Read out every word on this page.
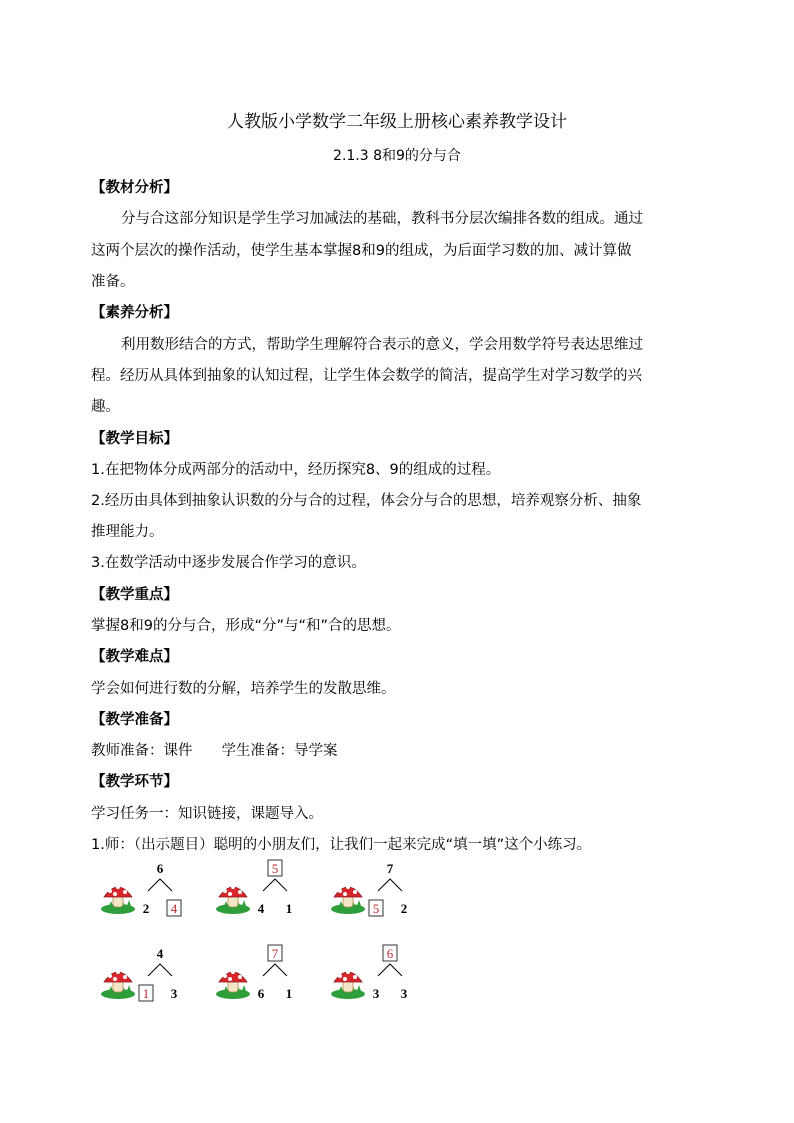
人教版小学数学二年级上册核心素养教学设计
2.1.3 8和9的分与合
【教材分析】
分与合这部分知识是学生学习加减法的基础，教科书分层次编排各数的组成。通过
这两个层次的操作活动，使学生基本掌握8和9的组成，为后面学习数的加、减计算做
准备。
【素养分析】
利用数形结合的方式，帮助学生理解符合表示的意义，学会用数学符号表达思维过
程。经历从具体到抽象的认知过程，让学生体会数学的简洁，提高学生对学习数学的兴
趣。
【教学目标】
1.在把物体分成两部分的活动中，经历探究8、9的组成的过程。
2.经历由具体到抽象认识数的分与合的过程，体会分与合的思想，培养观察分析、抽象
推理能力。
3.在数学活动中逐步发展合作学习的意识。
【教学重点】
掌握8和9的分与合，形成“分”与“和”合的思想。
【教学难点】
学会如何进行数的分解，培养学生的发散思维。
【教学准备】
教师准备：课件　　学生准备：导学案
【教学环节】
学习任务一：知识链接，课题导入。
1.师：（出示题目）聪明的小朋友们，让我们一起来完成“填一填”这个小练习。
6
2 4
5
4 1
7
5 2
4
1 3
7
6 1
6
3 3
